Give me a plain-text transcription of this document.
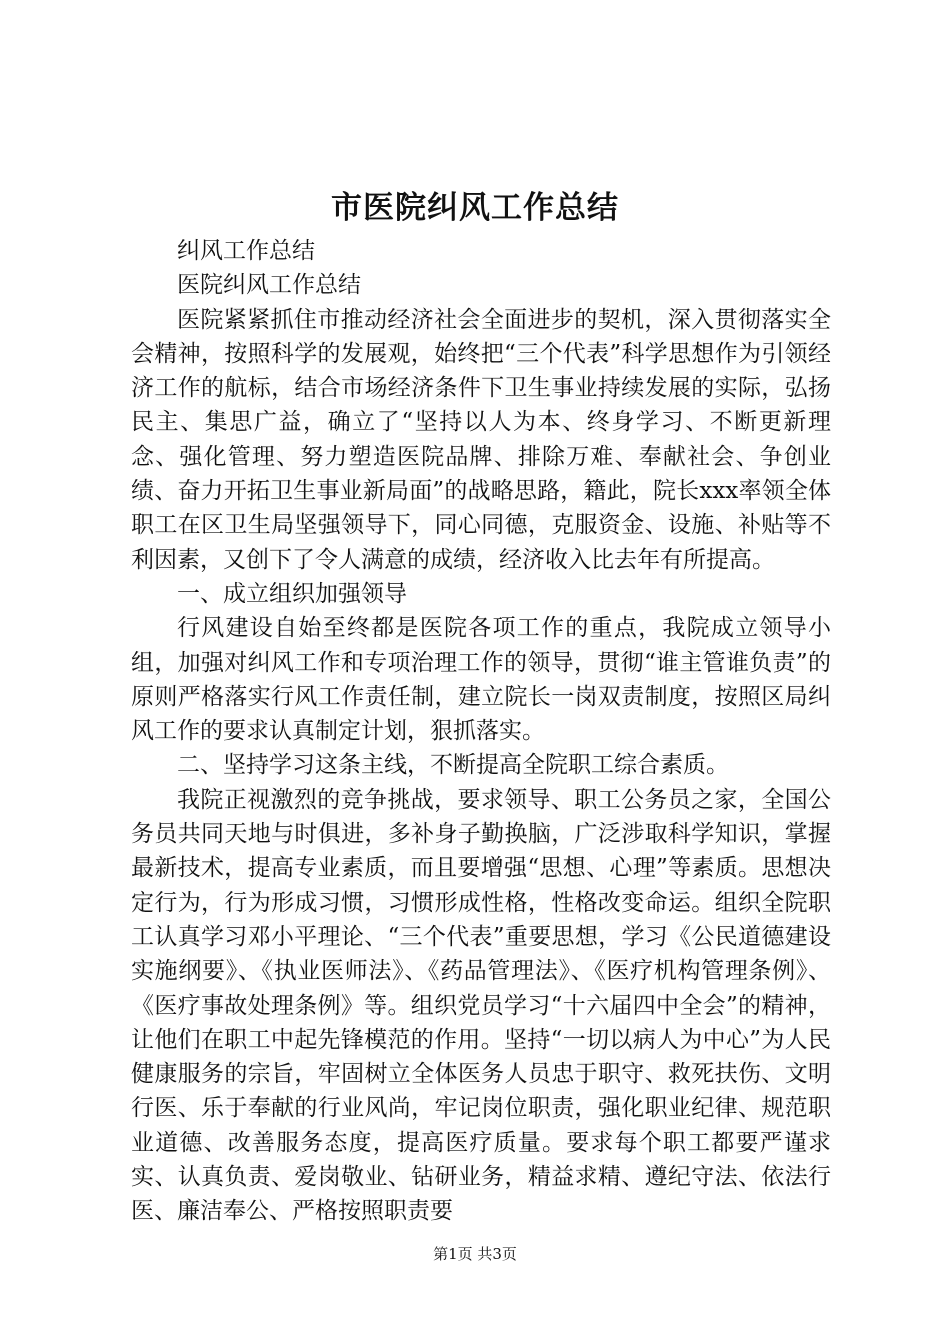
市医院纠风工作总结

纠风工作总结

医院纠风工作总结

医院紧紧抓住市推动经济社会全面进步的契机，深入贯彻落实全会精神，按照科学的发展观，始终把“三个代表”科学思想作为引领经济工作的航标，结合市场经济条件下卫生事业持续发展的实际，弘扬民主、集思广益，确立了“坚持以人为本、终身学习、不断更新理念、强化管理、努力塑造医院品牌、排除万难、奉献社会、争创业绩、奋力开拓卫生事业新局面”的战略思路，籍此，院长xxx率领全体职工在区卫生局坚强领导下，同心同德，克服资金、设施、补贴等不利因素，又创下了令人满意的成绩，经济收入比去年有所提高。

一、成立组织加强领导

行风建设自始至终都是医院各项工作的重点，我院成立领导小组，加强对纠风工作和专项治理工作的领导，贯彻“谁主管谁负责”的原则严格落实行风工作责任制，建立院长一岗双责制度，按照区局纠风工作的要求认真制定计划，狠抓落实。

二、坚持学习这条主线，不断提高全院职工综合素质。

我院正视激烈的竞争挑战，要求领导、职工公务员之家，全国公务员共同天地与时俱进，多补身子勤换脑，广泛涉取科学知识，掌握最新技术，提高专业素质，而且要增强“思想、心理”等素质。思想决定行为，行为形成习惯，习惯形成性格，性格改变命运。组织全院职工认真学习邓小平理论、“三个代表”重要思想，学习《公民道德建设实施纲要》、《执业医师法》、《药品管理法》、《医疗机构管理条例》、《医疗事故处理条例》等。组织党员学习“十六届四中全会”的精神，让他们在职工中起先锋模范的作用。坚持“一切以病人为中心”为人民健康服务的宗旨，牢固树立全体医务人员忠于职守、救死扶伤、文明行医、乐于奉献的行业风尚，牢记岗位职责，强化职业纪律、规范职业道德、改善服务态度，提高医疗质量。要求每个职工都要严谨求实、认真负责、爱岗敬业、钻研业务，精益求精、遵纪守法、依法行医、廉洁奉公、严格按照职责要

第1页 共3页
